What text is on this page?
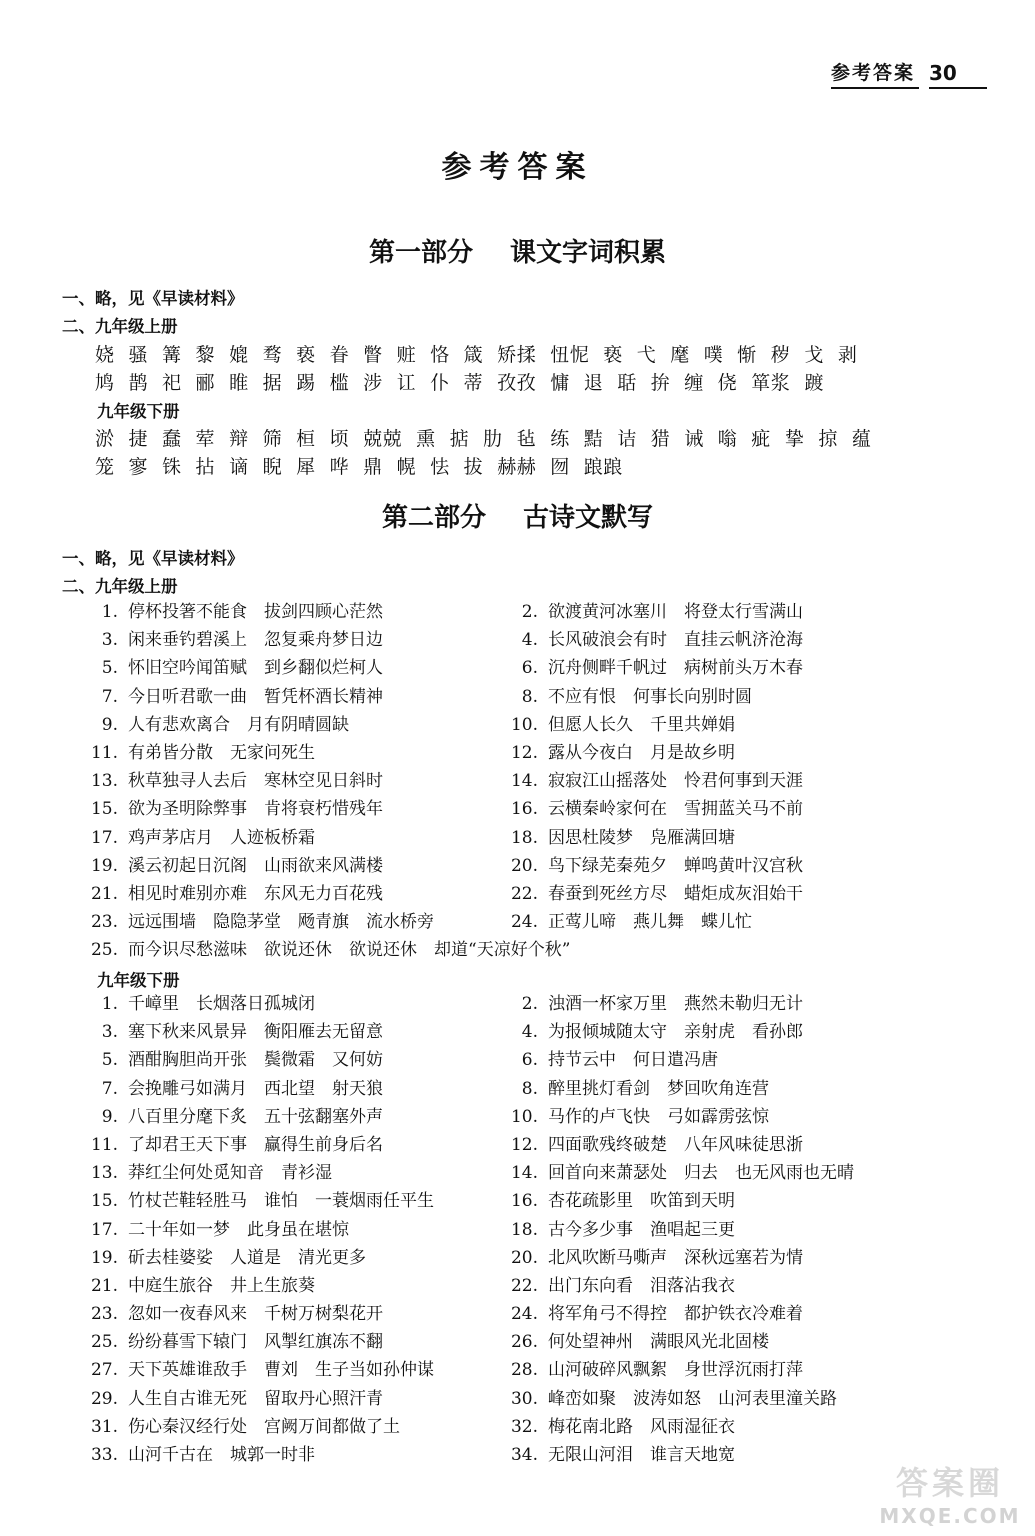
参考答案 30
参考答案
第一部分 课文字词积累
一、略，见《早读材料》
二、九年级上册
娆 骚 篝 黎 媲 骛 亵 眷 瞥 赃 恪 箴 矫揉 忸怩 亵 弋 麾 噗 惭 秽 戈 剥
鸠 鹊 祀 郦 睢 据 踢 槛 涉 讧 仆 蒂 孜孜 慵 退 聒 拚 缠 侥 箪浆 踱
九年级下册
淤 捷 蠢 荤 辩 筛 桓 顷 兢兢 熏 掂 肋 毡 练 黠 诘 猎 诫 嗡 疵 挚 掠 蕴
笼 寥 铢 拈 谪 睨 犀 哗 鼎 幌 怯 拔 赫赫 囫 踉踉
第二部分 古诗文默写
一、略，见《早读材料》
二、九年级上册
1. 停杯投箸不能食　拔剑四顾心茫然	2. 欲渡黄河冰塞川　将登太行雪满山
3. 闲来垂钓碧溪上　忽复乘舟梦日边	4. 长风破浪会有时　直挂云帆济沧海
5. 怀旧空吟闻笛赋　到乡翻似烂柯人	6. 沉舟侧畔千帆过　病树前头万木春
7. 今日听君歌一曲　暂凭杯酒长精神	8. 不应有恨　何事长向别时圆
9. 人有悲欢离合　月有阴晴圆缺	10. 但愿人长久　千里共婵娟
11. 有弟皆分散　无家问死生	12. 露从今夜白　月是故乡明
13. 秋草独寻人去后　寒林空见日斜时	14. 寂寂江山摇落处　怜君何事到天涯
15. 欲为圣明除弊事　肯将衰朽惜残年	16. 云横秦岭家何在　雪拥蓝关马不前
17. 鸡声茅店月　人迹板桥霜	18. 因思杜陵梦　凫雁满回塘
19. 溪云初起日沉阁　山雨欲来风满楼	20. 鸟下绿芜秦苑夕　蝉鸣黄叶汉宫秋
21. 相见时难别亦难　东风无力百花残	22. 春蚕到死丝方尽　蜡炬成灰泪始干
23. 远远围墙　隐隐茅堂　飏青旗　流水桥旁	24. 正莺儿啼　燕儿舞　蝶儿忙
25. 而今识尽愁滋味　欲说还休　欲说还休　却道“天凉好个秋”
九年级下册
1. 千嶂里　长烟落日孤城闭	2. 浊酒一杯家万里　燕然未勒归无计
3. 塞下秋来风景异　衡阳雁去无留意	4. 为报倾城随太守　亲射虎　看孙郎
5. 酒酣胸胆尚开张　鬓微霜　又何妨	6. 持节云中　何日遣冯唐
7. 会挽雕弓如满月　西北望　射天狼	8. 醉里挑灯看剑　梦回吹角连营
9. 八百里分麾下炙　五十弦翻塞外声	10. 马作的卢飞快　弓如霹雳弦惊
11. 了却君王天下事　赢得生前身后名	12. 四面歌残终破楚　八年风味徒思浙
13. 莽红尘何处觅知音　青衫湿	14. 回首向来萧瑟处　归去　也无风雨也无晴
15. 竹杖芒鞋轻胜马　谁怕　一蓑烟雨任平生	16. 杏花疏影里　吹笛到天明
17. 二十年如一梦　此身虽在堪惊	18. 古今多少事　渔唱起三更
19. 斫去桂婆娑　人道是　清光更多	20. 北风吹断马嘶声　深秋远塞若为情
21. 中庭生旅谷　井上生旅葵	22. 出门东向看　泪落沾我衣
23. 忽如一夜春风来　千树万树梨花开	24. 将军角弓不得控　都护铁衣冷难着
25. 纷纷暮雪下辕门　风掣红旗冻不翻	26. 何处望神州　满眼风光北固楼
27. 天下英雄谁敌手　曹刘　生子当如孙仲谋	28. 山河破碎风飘絮　身世浮沉雨打萍
29. 人生自古谁无死　留取丹心照汗青	30. 峰峦如聚　波涛如怒　山河表里潼关路
31. 伤心秦汉经行处　宫阙万间都做了土	32. 梅花南北路　风雨湿征衣
33. 山河千古在　城郭一时非	34. 无限山河泪　谁言天地宽
答案圈
MXQE.COM
